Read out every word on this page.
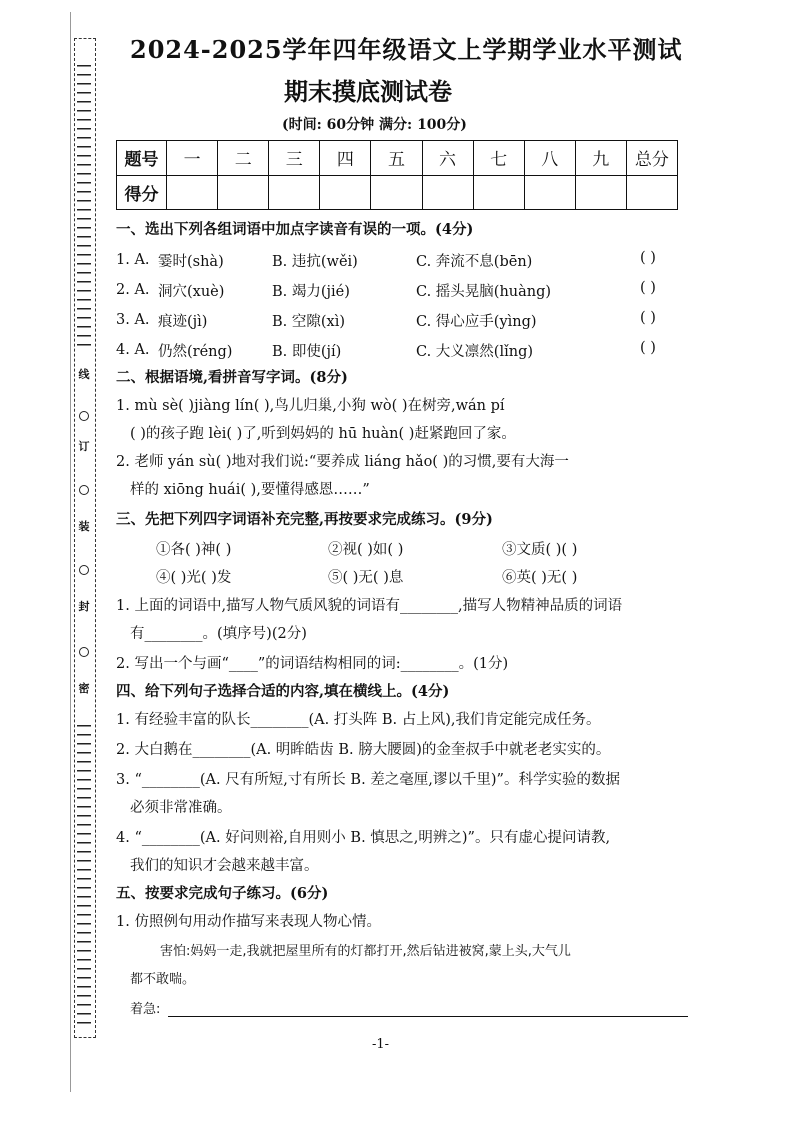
线
订
装
封
密
2024-2025学年四年级语文上学期学业水平测试
期末摸底测试卷
(时间: 60分钟 满分: 100分)
题号	一	二	三	四	五	六	七	八	九	总分
得分										
一、选出下列各组词语中加点字读音有误的一项。(4分)
1. A. 霎时(shà)	B. 违抗(wěi)	C. 奔流不息(bēn)	( )
2. A. 洞穴(xuè)	B. 竭力(jié)	C. 摇头晃脑(huàng)	( )
3. A. 痕迹(jì)	B. 空隙(xì)	C. 得心应手(yìng)	( )
4. A. 仍然(réng)	B. 即使(jí)	C. 大义凛然(lǐng)	( )
二、根据语境,看拼音写字词。(8分)
1. mù sè( )jiàng lín( ),鸟儿归巢,小狗 wò( )在树旁,wán pí
( )的孩子跑 lèi( )了,听到妈妈的 hū huàn( )赶紧跑回了家。
2. 老师 yán sù( )地对我们说:“要养成 liáng hǎo( )的习惯,要有大海一
样的 xiōng huái( ),要懂得感恩……”
三、先把下列四字词语补充完整,再按要求完成练习。(9分)
①各( )神( )	②视( )如( )	③文质( )( )
④( )光( )发	⑤( )无( )息	⑥英( )无( )
1. 上面的词语中,描写人物气质风貌的词语有________,描写人物精神品质的词语
有________。(填序号)(2分)
2. 写出一个与画“____”的词语结构相同的词:________。(1分)
四、给下列句子选择合适的内容,填在横线上。(4分)
1. 有经验丰富的队长________(A. 打头阵 B. 占上风),我们肯定能完成任务。
2. 大白鹅在________(A. 明眸皓齿 B. 膀大腰圆)的金奎叔手中就老老实实的。
3. “________(A. 尺有所短,寸有所长 B. 差之毫厘,谬以千里)”。科学实验的数据
必须非常准确。
4. “________(A. 好问则裕,自用则小 B. 慎思之,明辨之)”。只有虚心提问请教,
我们的知识才会越来越丰富。
五、按要求完成句子练习。(6分)
1. 仿照例句用动作描写来表现人物心情。
害怕:妈妈一走,我就把屋里所有的灯都打开,然后钻进被窝,蒙上头,大气儿
都不敢喘。
着急:
-1-
